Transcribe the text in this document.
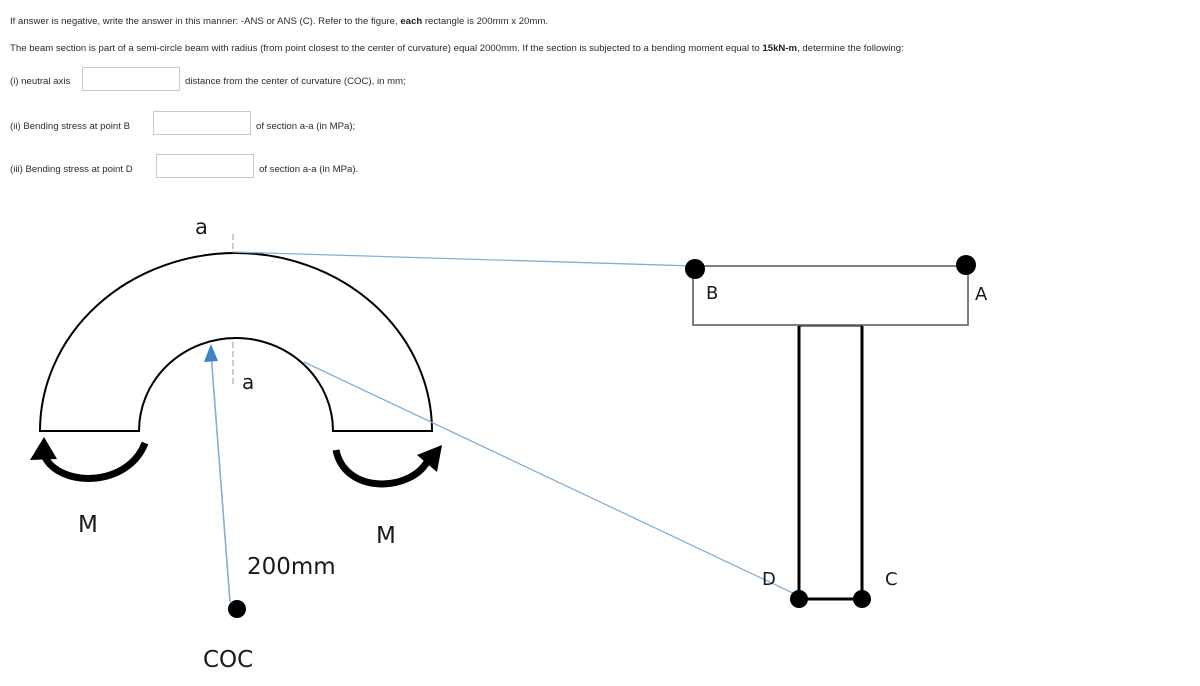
If answer is negative, write the answer in this manner: -ANS or ANS (C). Refer to the figure, each rectangle is 200mm x 20mm.
The beam section is part of a semi-circle beam with radius (from point closest to the center of curvature) equal 2000mm. If the section is subjected to a bending moment equal to 15kN-m, determine the following:
(i) neutral axis	distance from the center of curvature (COC), in mm;
(ii) Bending stress at point B	of section a-a (in MPa);
(iii) Bending stress at point D	of section a-a (in MPa).
a
a
M	M
200mm
COC
B	A
D	C
